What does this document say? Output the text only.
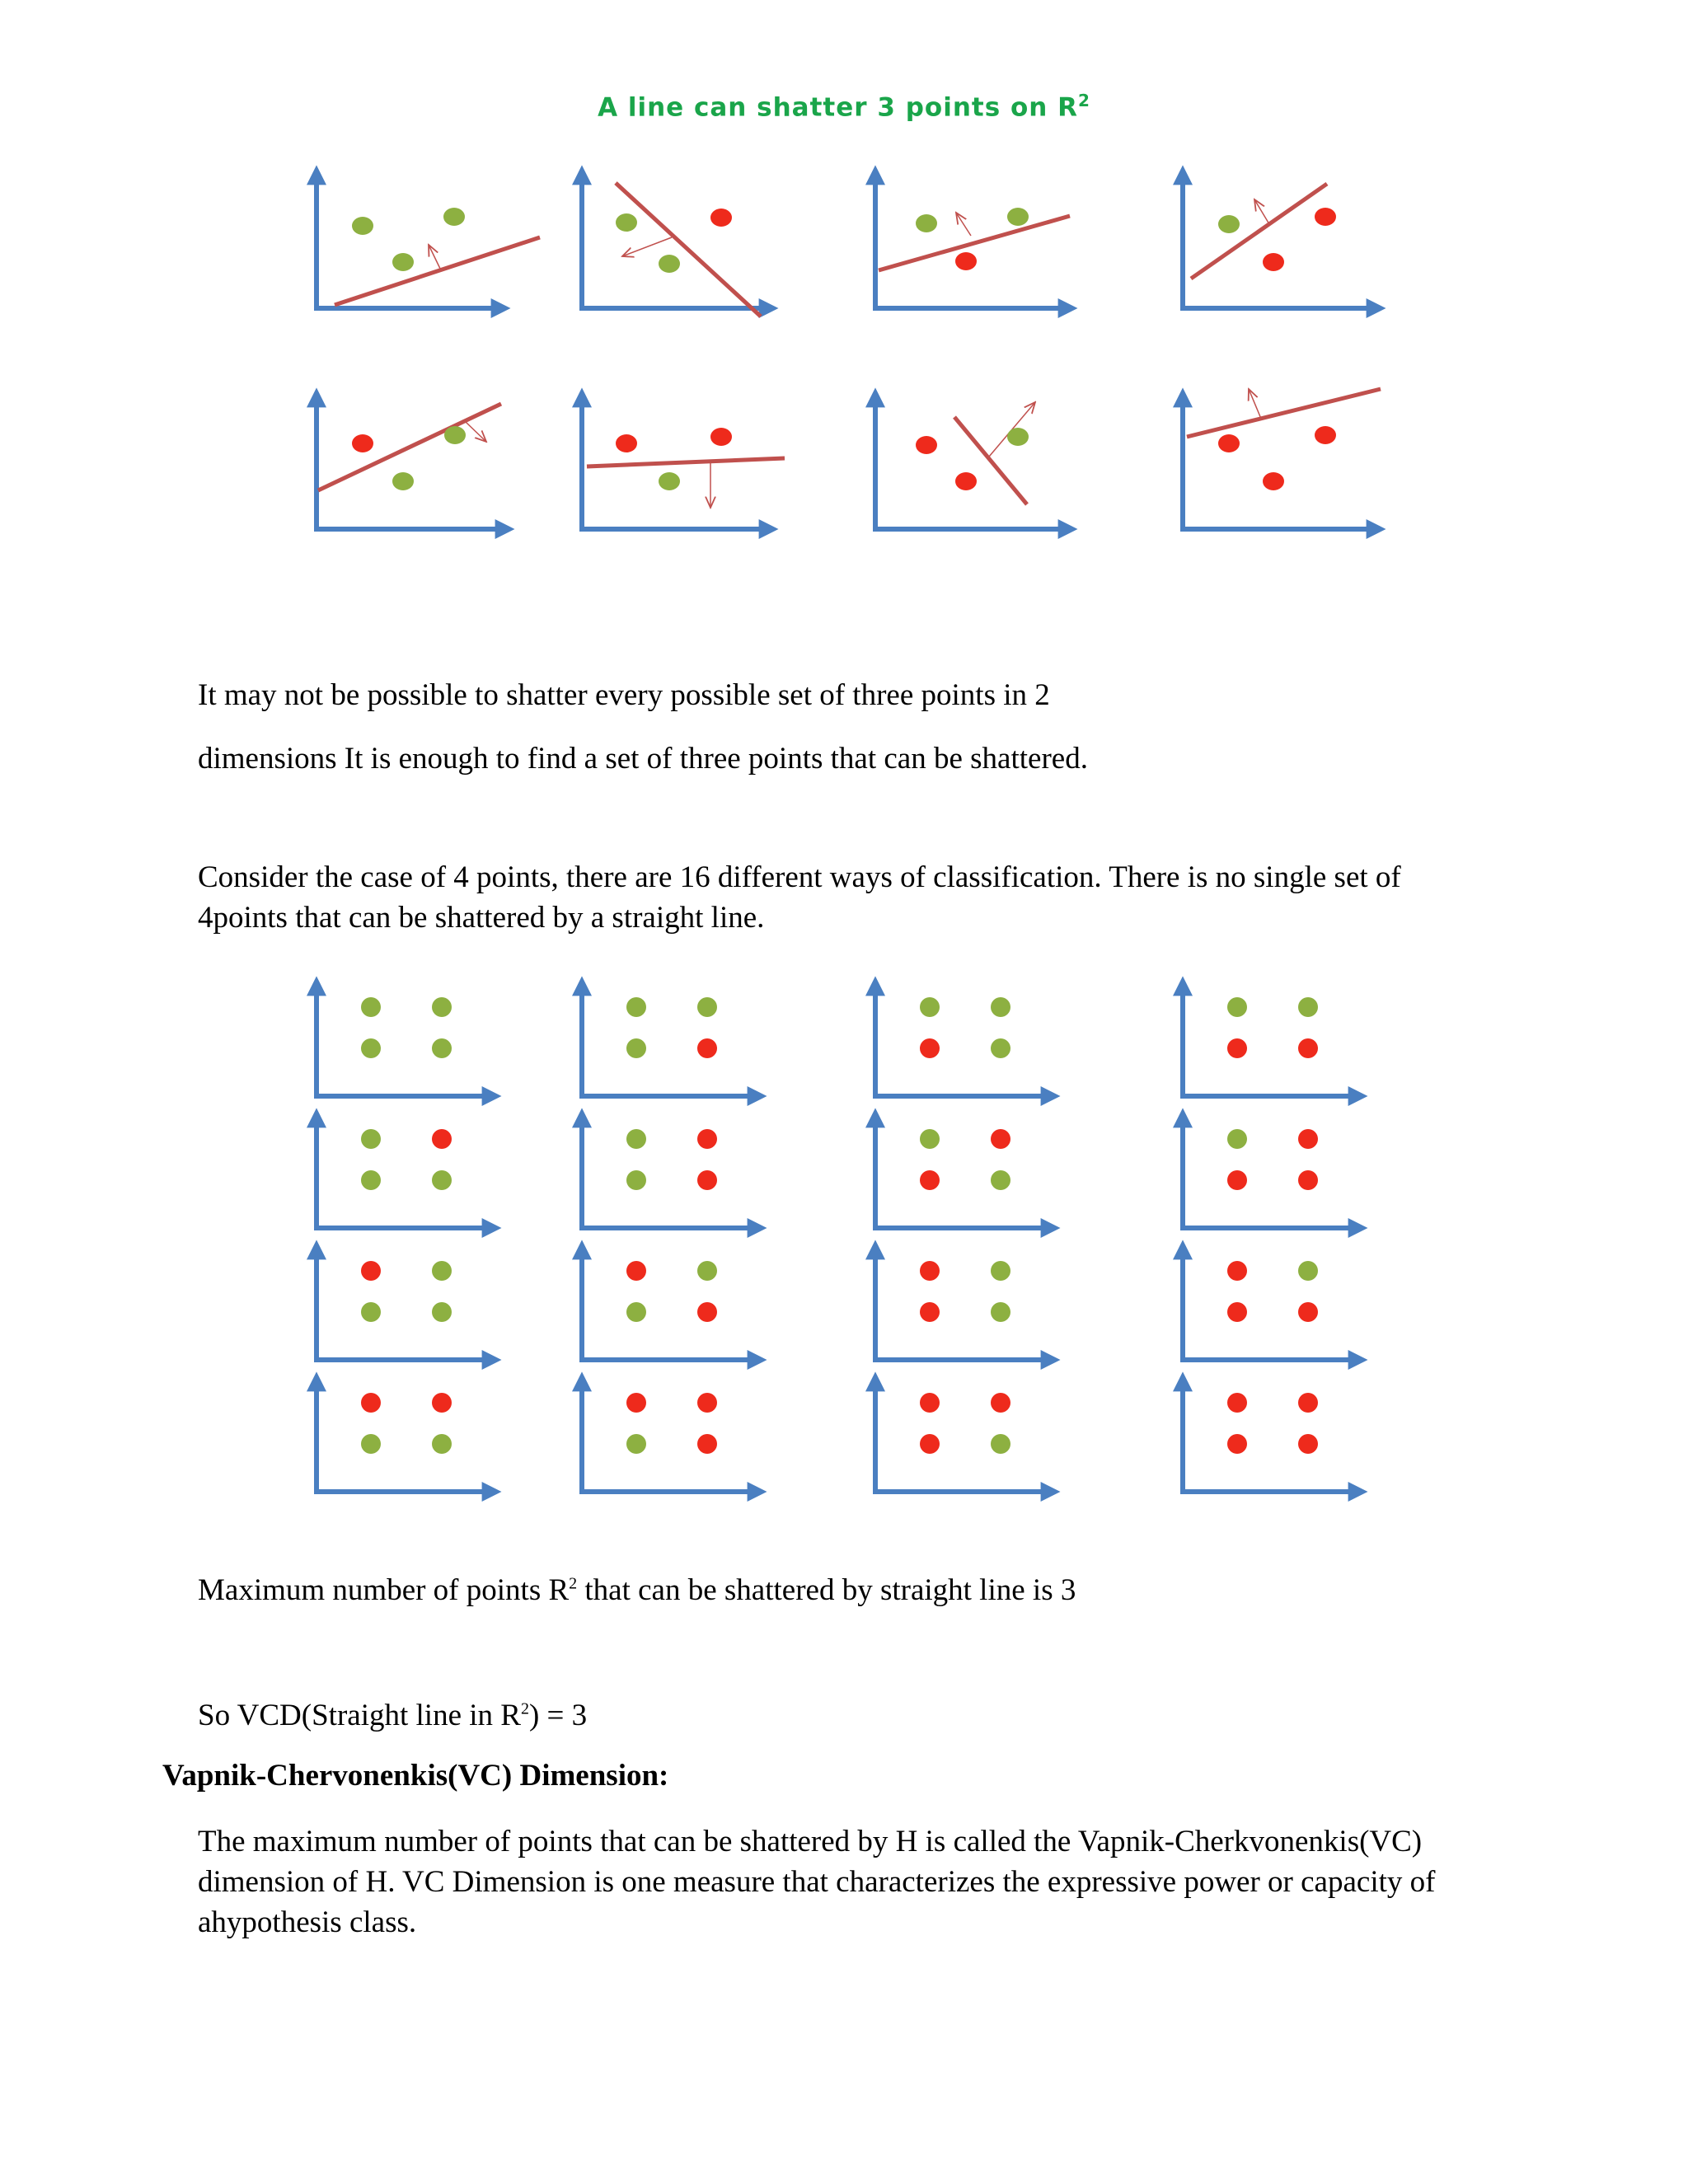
A line can shatter 3 points on $R^2$
It may not be possible to shatter every possible set of three points in 2
dimensions It is enough to find a set of three points that can be shattered.
Consider the case of 4 points, there are 16 different ways of classification. There is no single set of 4points that can be shattered by a straight line.
Maximum number of points $R^2$ that can be shattered by straight line is 3
So VCD(Straight line in $R^2) = 3$
Vapnik-Chervonenkis(VC) Dimension:
The maximum number of points that can be shattered by H is called the Vapnik-Cherkvonenkis(VC) dimension of H. VC Dimension is one measure that characterizes the expressive power or capacity of ahypothesis class.
